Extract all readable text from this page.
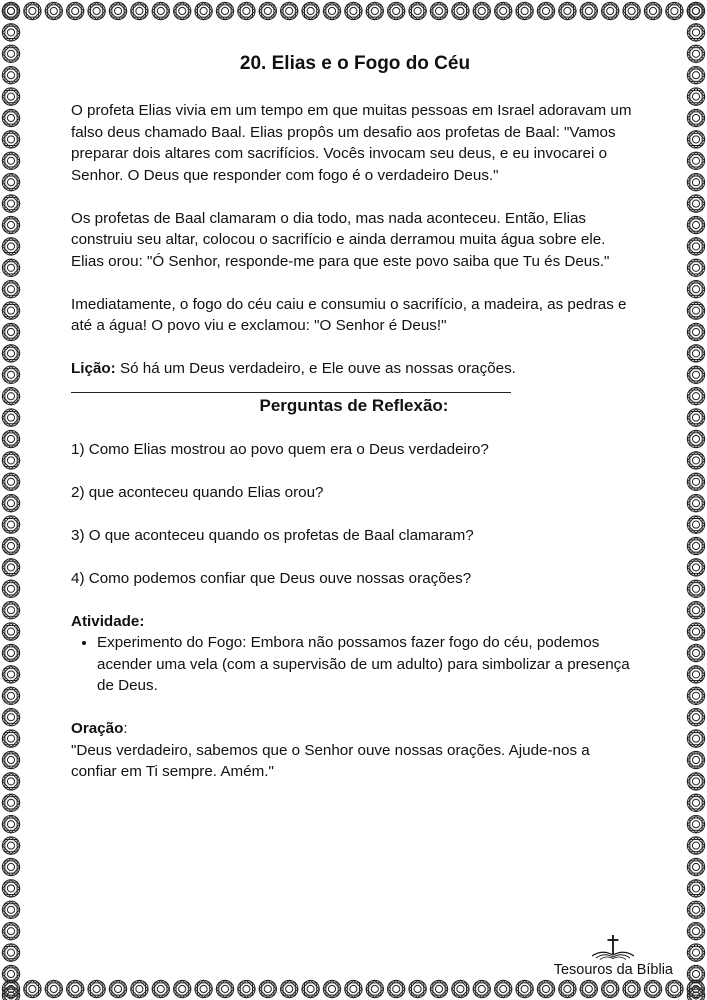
20. Elias e o Fogo do Céu

O profeta Elias vivia em um tempo em que muitas pessoas em Israel adoravam um falso deus chamado Baal. Elias propôs um desafio aos profetas de Baal: "Vamos preparar dois altares com sacrifícios. Vocês invocam seu deus, e eu invocarei o Senhor. O Deus que responder com fogo é o verdadeiro Deus."

Os profetas de Baal clamaram o dia todo, mas nada aconteceu. Então, Elias construiu seu altar, colocou o sacrifício e ainda derramou muita água sobre ele. Elias orou: "Ó Senhor, responde-me para que este povo saiba que Tu és Deus."

Imediatamente, o fogo do céu caiu e consumiu o sacrifício, a madeira, as pedras e até a água! O povo viu e exclamou: "O Senhor é Deus!"

Lição: Só há um Deus verdadeiro, e Ele ouve as nossas orações.

Perguntas de Reflexão:

1) Como Elias mostrou ao povo quem era o Deus verdadeiro?

2) que aconteceu quando Elias orou?

3) O que aconteceu quando os profetas de Baal clamaram?

4) Como podemos confiar que Deus ouve nossas orações?

Atividade:

• Experimento do Fogo: Embora não possamos fazer fogo do céu, podemos acender uma vela (com a supervisão de um adulto) para simbolizar a presença de Deus.

Oração:

"Deus verdadeiro, sabemos que o Senhor ouve nossas orações. Ajude-nos a confiar em Ti sempre. Amém."

Tesouros da Bíblia
